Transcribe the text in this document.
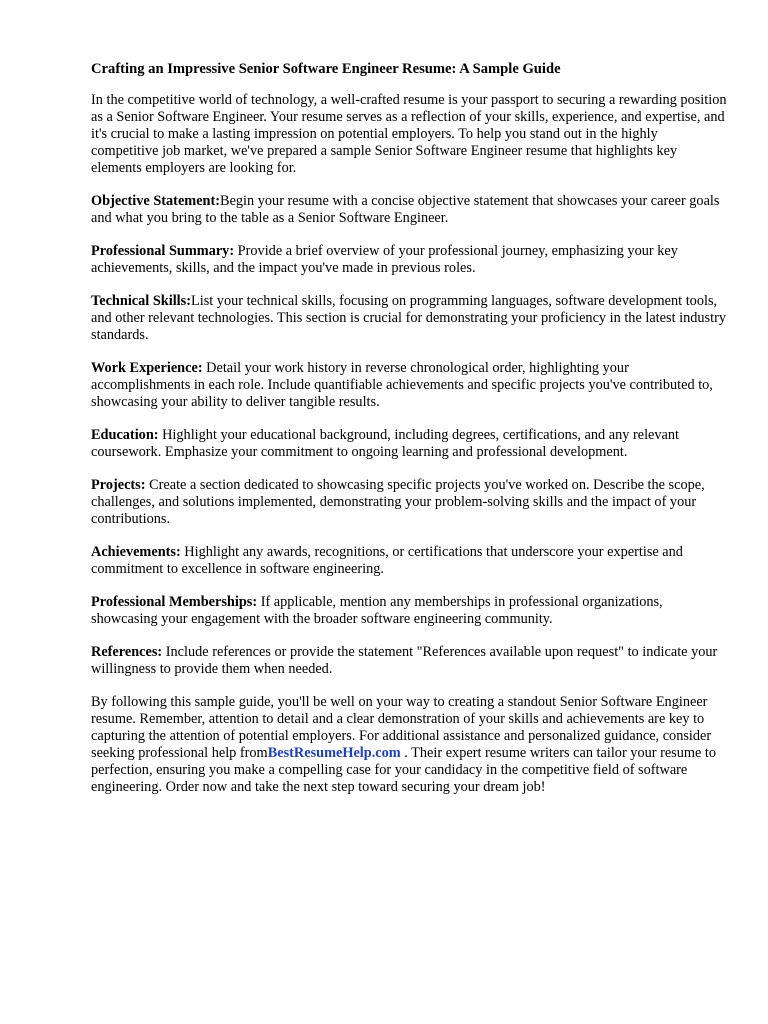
Crafting an Impressive Senior Software Engineer Resume: A Sample Guide

In the competitive world of technology, a well-crafted resume is your passport to securing a rewarding position as a Senior Software Engineer. Your resume serves as a reflection of your skills, experience, and expertise, and it's crucial to make a lasting impression on potential employers. To help you stand out in the highly competitive job market, we've prepared a sample Senior Software Engineer resume that highlights key elements employers are looking for.

Objective Statement:Begin your resume with a concise objective statement that showcases your career goals and what you bring to the table as a Senior Software Engineer.

Professional Summary: Provide a brief overview of your professional journey, emphasizing your key achievements, skills, and the impact you've made in previous roles.

Technical Skills:List your technical skills, focusing on programming languages, software development tools, and other relevant technologies. This section is crucial for demonstrating your proficiency in the latest industry standards.

Work Experience: Detail your work history in reverse chronological order, highlighting your accomplishments in each role. Include quantifiable achievements and specific projects you've contributed to, showcasing your ability to deliver tangible results.

Education: Highlight your educational background, including degrees, certifications, and any relevant coursework. Emphasize your commitment to ongoing learning and professional development.

Projects: Create a section dedicated to showcasing specific projects you've worked on. Describe the scope, challenges, and solutions implemented, demonstrating your problem-solving skills and the impact of your contributions.

Achievements: Highlight any awards, recognitions, or certifications that underscore your expertise and commitment to excellence in software engineering.

Professional Memberships: If applicable, mention any memberships in professional organizations, showcasing your engagement with the broader software engineering community.

References: Include references or provide the statement "References available upon request" to indicate your willingness to provide them when needed.

By following this sample guide, you'll be well on your way to creating a standout Senior Software Engineer resume. Remember, attention to detail and a clear demonstration of your skills and achievements are key to capturing the attention of potential employers. For additional assistance and personalized guidance, consider seeking professional help fromBestResumeHelp.com . Their expert resume writers can tailor your resume to perfection, ensuring you make a compelling case for your candidacy in the competitive field of software engineering. Order now and take the next step toward securing your dream job!
